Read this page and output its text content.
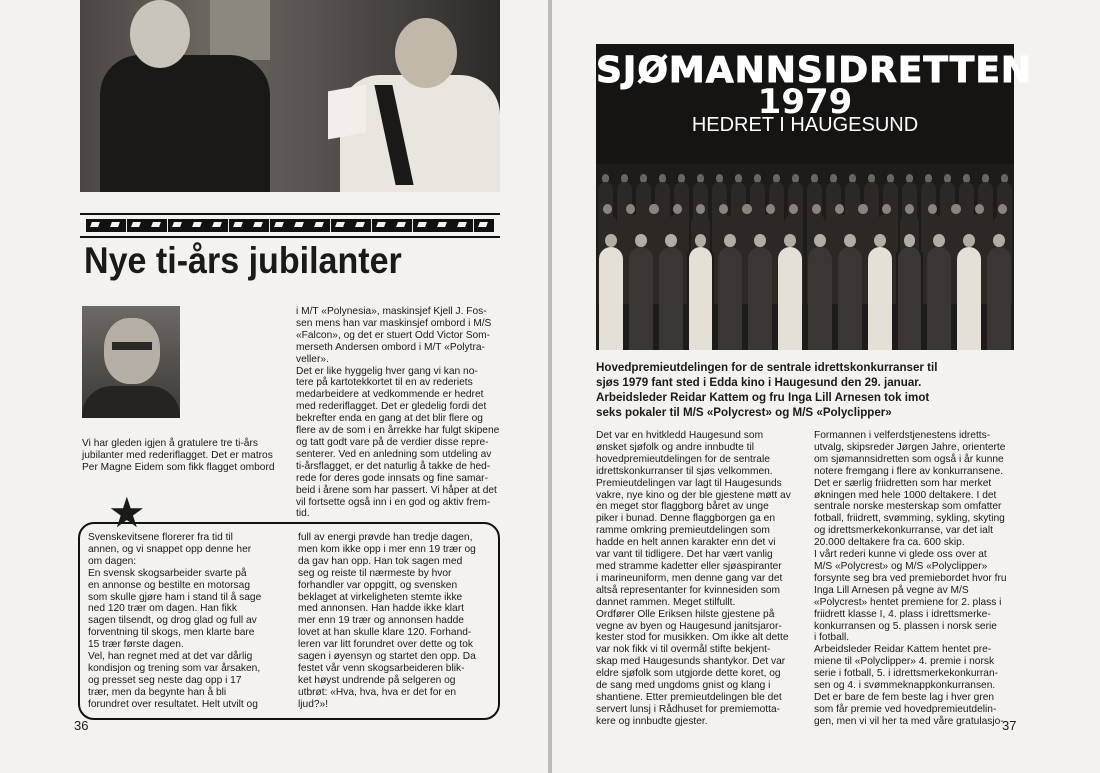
Nye ti-års jubilanter
Vi har gleden igjen å gratulere tre ti-års
jubilanter med rederiflagget. Det er matros
Per Magne Eidem som fikk flagget ombord
i M/T «Polynesia», maskinsjef Kjell J. Fos-
sen mens han var maskinsjef ombord i M/S
«Falcon», og det er stuert Odd Victor Som-
merseth Andersen ombord i M/T «Polytra-
veller».
Det er like hyggelig hver gang vi kan no-
tere på kartotekkortet til en av rederiets
medarbeidere at vedkommende er hedret
med rederiflagget. Det er gledelig fordi det
bekrefter enda en gang at det blir flere og
flere av de som i en årrekke har fulgt skipene
og tatt godt vare på de verdier disse repre-
senterer. Ved en anledning som utdeling av
ti-årsflagget, er det naturlig å takke de hed-
rede for deres gode innsats og fine samar-
beid i årene som har passert. Vi håper at det
vil fortsette også inn i en god og aktiv frem-
tid.
★
Svenskevitsene florerer fra tid til
annen, og vi snappet opp denne her
om dagen:
En svensk skogsarbeider svarte på
en annonse og bestilte en motorsag
som skulle gjøre ham i stand til å sage
ned 120 trær om dagen. Han fikk
sagen tilsendt, og drog glad og full av
forventning til skogs, men klarte bare
15 trær første dagen.
Vel, han regnet med at det var dårlig
kondisjon og trening som var årsaken,
og presset seg neste dag opp i 17
trær, men da begynte han å bli
forundret over resultatet. Helt utvilt og
full av energi prøvde han tredje dagen,
men kom ikke opp i mer enn 19 trær og
da gav han opp. Han tok sagen med
seg og reiste til nærmeste by hvor
forhandler var oppgitt, og svensken
beklaget at virkeligheten stemte ikke
med annonsen. Han hadde ikke klart
mer enn 19 trær og annonsen hadde
lovet at han skulle klare 120. Forhand-
leren var litt forundret over dette og tok
sagen i øyensyn og startet den opp. Da
festet vår venn skogsarbeideren blik-
ket høyst undrende på selgeren og
utbrøt: «Hva, hva, hva er det for en
ljud?»!
36
SJØMANNSIDRETTEN
1979
HEDRET I HAUGESUND
Hovedpremieutdelingen for de sentrale idrettskonkurranser til
sjøs 1979 fant sted i Edda kino i Haugesund den 29. januar.
Arbeidsleder Reidar Kattem og fru Inga Lill Arnesen tok imot
seks pokaler til M/S «Polycrest» og M/S «Polyclipper»
Det var en hvitkledd Haugesund som
ønsket sjøfolk og andre innbudte til
hovedpremieutdelingen for de sentrale
idrettskonkurranser til sjøs velkommen.
Premieutdelingen var lagt til Haugesunds
vakre, nye kino og der ble gjestene møtt av
en meget stor flaggborg båret av unge
piker i bunad. Denne flaggborgen ga en
ramme omkring premieutdelingen som
hadde en helt annen karakter enn det vi
var vant til tidligere. Det har vært vanlig
med stramme kadetter eller sjøaspiranter
i marineuniform, men denne gang var det
altså representanter for kvinnesiden som
dannet rammen. Meget stilfullt.
Ordfører Olle Eriksen hilste gjestene på
vegne av byen og Haugesund janitsjaror-
kester stod for musikken. Om ikke alt dette
var nok fikk vi til overmål stifte bekjent-
skap med Haugesunds shantykor. Det var
eldre sjøfolk som utgjorde dette koret, og
de sang med ungdoms gnist og klang i
shantiene. Etter premieutdelingen ble det
servert lunsj i Rådhuset for premiemotta-
kere og innbudte gjester.
Formannen i velferdstjenestens idretts-
utvalg, skipsreder Jørgen Jahre, orienterte
om sjømannsidretten som også i år kunne
notere fremgang i flere av konkurransene.
Det er særlig friidretten som har merket
økningen med hele 1000 deltakere. I det
sentrale norske mesterskap som omfatter
fotball, friidrett, svømming, sykling, skyting
og idrettsmerkekonkurranse, var det ialt
20.000 deltakere fra ca. 600 skip.
I vårt rederi kunne vi glede oss over at
M/S «Polycrest» og M/S «Polyclipper»
forsynte seg bra ved premiebordet hvor fru
Inga Lill Arnesen på vegne av M/S
«Polycrest» hentet premiene for 2. plass i
friidrett klasse I, 4. plass i idrettsmerke-
konkurransen og 5. plassen i norsk serie
i fotball.
Arbeidsleder Reidar Kattem hentet pre-
miene til «Polyclipper» 4. premie i norsk
serie i fotball, 5. i idrettsmerkekonkurran-
sen og 4. i svømmeknappkonkurransen.
Det er bare de fem beste lag i hver gren
som får premie ved hovedpremieutdelin-
gen, men vi vil her ta med våre gratulasjo-
37
